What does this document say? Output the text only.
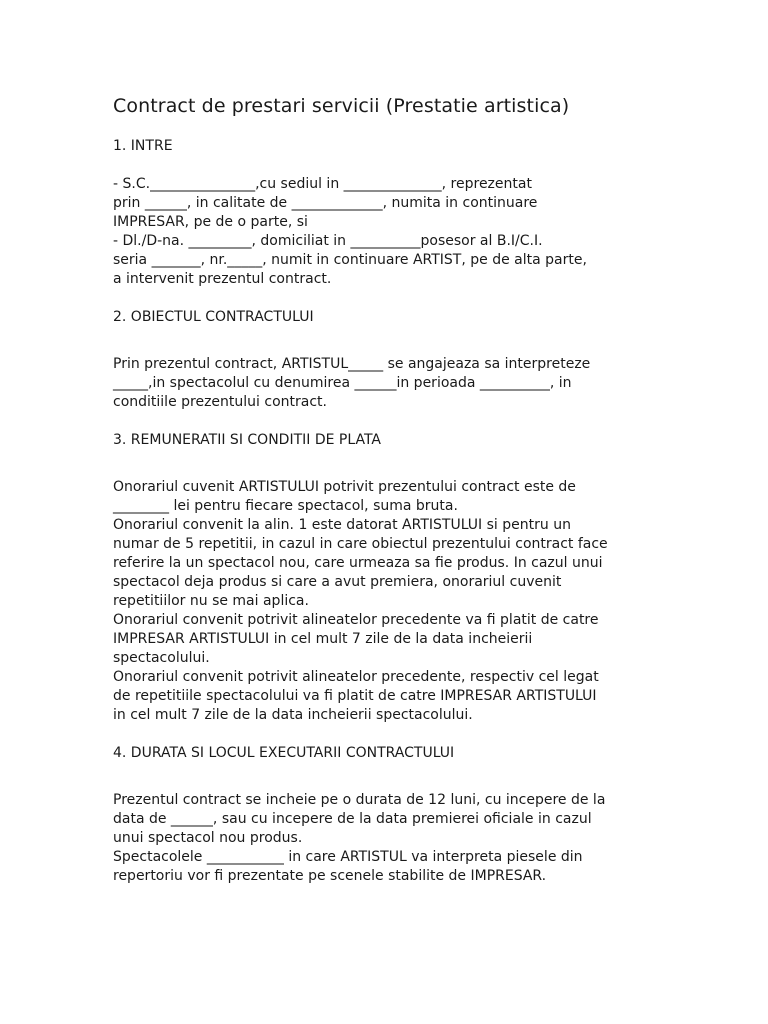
Contract de prestari servicii (Prestatie artistica)

1. INTRE

- S.C._______________,cu sediul in ______________, reprezentat
prin ______, in calitate de _____________, numita in continuare
IMPRESAR, pe de o parte, si
- Dl./D-na. _________, domiciliat in __________posesor al B.I/C.I.
seria _______, nr._____, numit in continuare ARTIST, pe de alta parte,
a intervenit prezentul contract.

2. OBIECTUL CONTRACTULUI

Prin prezentul contract, ARTISTUL_____ se angajeaza sa interpreteze
_____,in spectacolul cu denumirea ______in perioada __________, in
conditiile prezentului contract.

3. REMUNERATII SI CONDITII DE PLATA

Onorariul cuvenit ARTISTULUI potrivit prezentului contract este de
________ lei pentru fiecare spectacol, suma bruta.
Onorariul convenit la alin. 1 este datorat ARTISTULUI si pentru un
numar de 5 repetitii, in cazul in care obiectul prezentului contract face
referire la un spectacol nou, care urmeaza sa fie produs. In cazul unui
spectacol deja produs si care a avut premiera, onorariul cuvenit
repetitiilor nu se mai aplica.
Onorariul convenit potrivit alineatelor precedente va fi platit de catre
IMPRESAR ARTISTULUI in cel mult 7 zile de la data incheierii
spectacolului.
Onorariul convenit potrivit alineatelor precedente, respectiv cel legat
de repetitiile spectacolului va fi platit de catre IMPRESAR ARTISTULUI
in cel mult 7 zile de la data incheierii spectacolului.

4. DURATA SI LOCUL EXECUTARII CONTRACTULUI

Prezentul contract se incheie pe o durata de 12 luni, cu incepere de la
data de ______, sau cu incepere de la data premierei oficiale in cazul
unui spectacol nou produs.
Spectacolele ___________ in care ARTISTUL va interpreta piesele din
repertoriu vor fi prezentate pe scenele stabilite de IMPRESAR.
